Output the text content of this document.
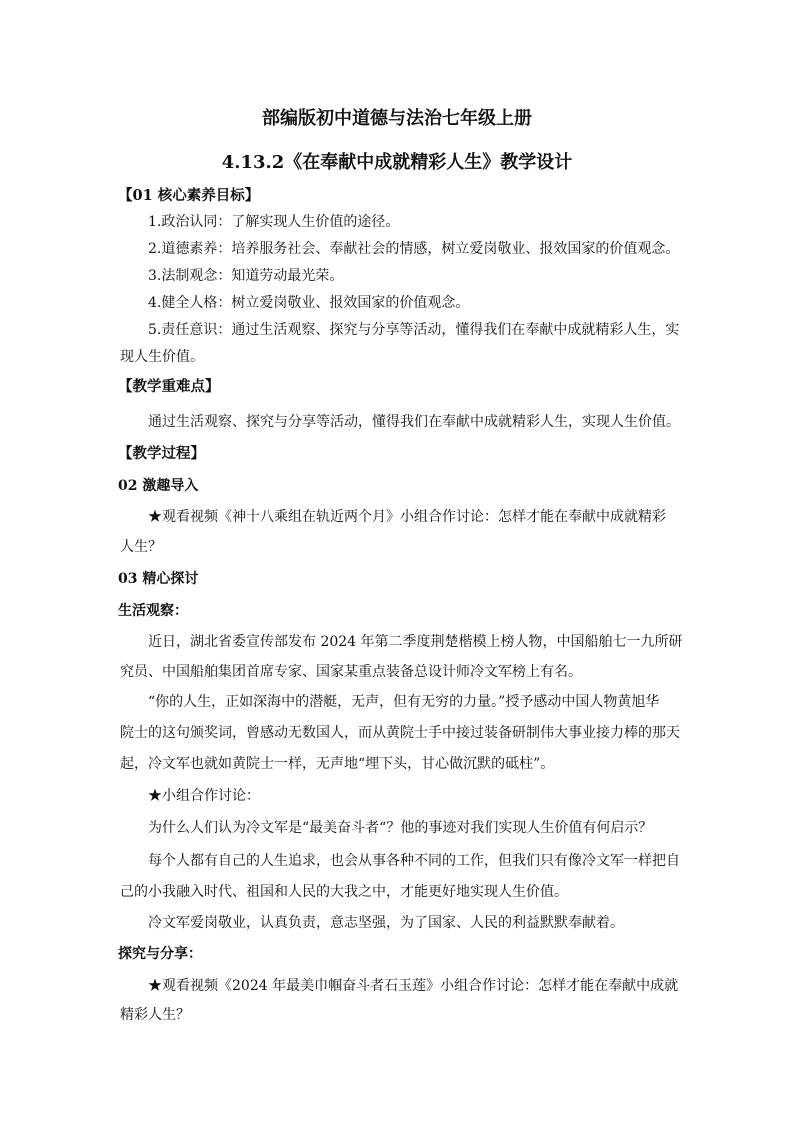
部编版初中道德与法治七年级上册
4.13.2《在奉献中成就精彩人生》教学设计
【01 核心素养目标】
1.政治认同：了解实现人生价值的途径。
2.道德素养：培养服务社会、奉献社会的情感，树立爱岗敬业、报效国家的价值观念。
3.法制观念：知道劳动最光荣。
4.健全人格：树立爱岗敬业、报效国家的价值观念。
5.责任意识：通过生活观察、探究与分享等活动，懂得我们在奉献中成就精彩人生，实
现人生价值。
【教学重难点】
通过生活观察、探究与分享等活动，懂得我们在奉献中成就精彩人生，实现人生价值。
【教学过程】
02 激趣导入
★观看视频《神十八乘组在轨近两个月》小组合作讨论：怎样才能在奉献中成就精彩
人生？
03 精心探讨
生活观察：
近日，湖北省委宣传部发布 2024 年第二季度荆楚楷模上榜人物，中国船舶七一九所研
究员、中国船舶集团首席专家、国家某重点装备总设计师冷文军榜上有名。
“你的人生，正如深海中的潜艇，无声，但有无穷的力量。”授予感动中国人物黄旭华
院士的这句颁奖词，曾感动无数国人，而从黄院士手中接过装备研制伟大事业接力棒的那天
起，冷文军也就如黄院士一样，无声地“埋下头，甘心做沉默的砥柱”。
★小组合作讨论：
为什么人们认为冷文军是“最美奋斗者“？他的事迹对我们实现人生价值有何启示？
每个人都有自己的人生追求，也会从事各种不同的工作，但我们只有像冷文军一样把自
己的小我融入时代、祖国和人民的大我之中，才能更好地实现人生价值。
冷文军爱岗敬业，认真负责，意志坚强，为了国家、人民的利益默默奉献着。
探究与分享：
★观看视频《2024 年最美巾帼奋斗者石玉莲》小组合作讨论：怎样才能在奉献中成就
精彩人生？
